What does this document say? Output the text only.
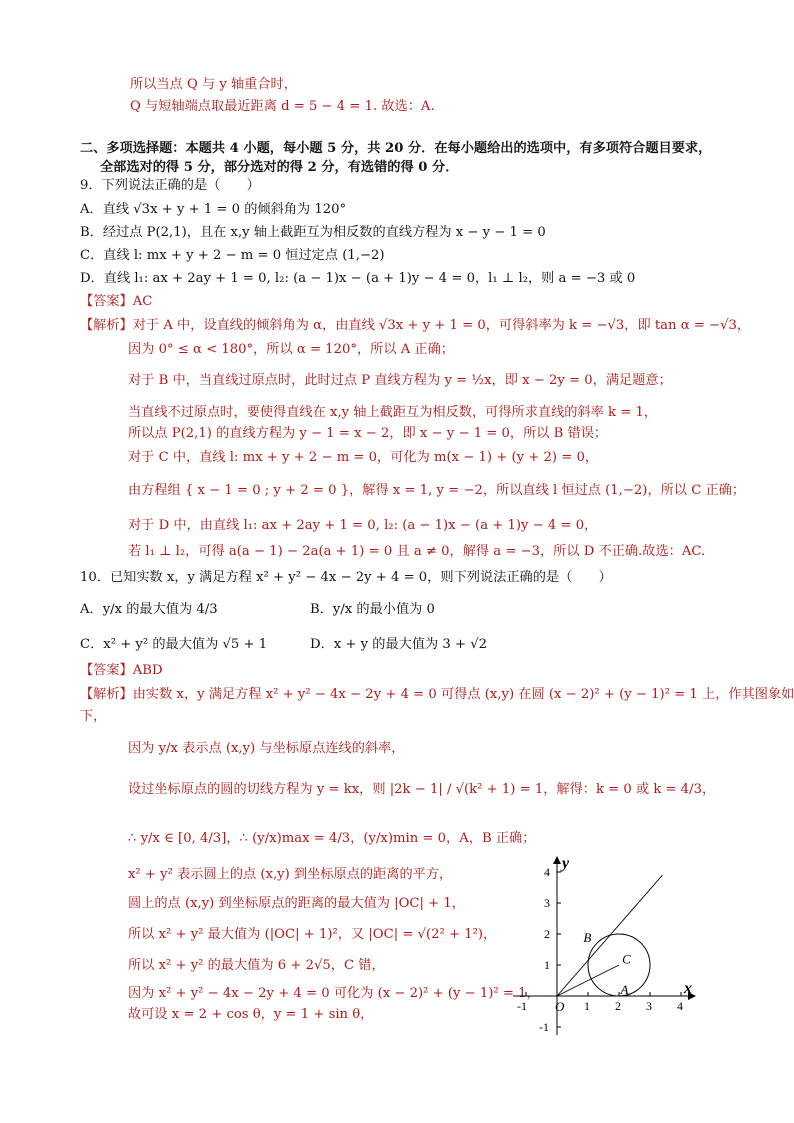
所以当点 Q 与 y 轴重合时，
Q 与短轴端点取最近距离 d = 5 − 4 = 1. 故选：A.
二、多项选择题：本题共 4 小题，每小题 5 分，共 20 分．在每小题给出的选项中，有多项符合题目要求，
全部选对的得 5 分，部分选对的得 2 分，有选错的得 0 分．
9．下列说法正确的是（　　）
A．直线 √3x + y + 1 = 0 的倾斜角为 120°
B．经过点 P(2,1)，且在 x,y 轴上截距互为相反数的直线方程为 x − y − 1 = 0
C．直线 l: mx + y + 2 − m = 0 恒过定点 (1,−2)
D．直线 l₁: ax + 2ay + 1 = 0, l₂: (a − 1)x − (a + 1)y − 4 = 0，l₁ ⊥ l₂，则 a = −3 或 0
【答案】AC
【解析】对于 A 中，设直线的倾斜角为 α，由直线 √3x + y + 1 = 0，可得斜率为 k = −√3，即 tan α = −√3，
因为 0° ≤ α < 180°，所以 α = 120°，所以 A 正确；
对于 B 中，当直线过原点时，此时过点 P 直线方程为 y = ½x，即 x − 2y = 0，满足题意；
当直线不过原点时，要使得直线在 x,y 轴上截距互为相反数，可得所求直线的斜率 k = 1，
所以点 P(2,1) 的直线方程为 y − 1 = x − 2，即 x − y − 1 = 0，所以 B 错误；
对于 C 中，直线 l: mx + y + 2 − m = 0，可化为 m(x − 1) + (y + 2) = 0，
由方程组 { x − 1 = 0 ; y + 2 = 0 }，解得 x = 1, y = −2，所以直线 l 恒过点 (1,−2)，所以 C 正确；
对于 D 中，由直线 l₁: ax + 2ay + 1 = 0, l₂: (a − 1)x − (a + 1)y − 4 = 0，
若 l₁ ⊥ l₂，可得 a(a − 1) − 2a(a + 1) = 0 且 a ≠ 0，解得 a = −3，所以 D 不正确.故选：AC.
10．已知实数 x，y 满足方程 x² + y² − 4x − 2y + 4 = 0，则下列说法正确的是（　　）
A．y/x 的最大值为 4/3	B．y/x 的最小值为 0
C．x² + y² 的最大值为 √5 + 1	D．x + y 的最大值为 3 + √2
【答案】ABD
【解析】由实数 x，y 满足方程 x² + y² − 4x − 2y + 4 = 0 可得点 (x,y) 在圆 (x − 2)² + (y − 1)² = 1 上，作其图象如
下，
因为 y/x 表示点 (x,y) 与坐标原点连线的斜率，
设过坐标原点的圆的切线方程为 y = kx，则 |2k − 1| / √(k² + 1) = 1，解得：k = 0 或 k = 4/3，
∴ y/x ∈ [0, 4/3]，∴ (y/x)max = 4/3，(y/x)min = 0，A，B 正确；
x² + y² 表示圆上的点 (x,y) 到坐标原点的距离的平方，
圆上的点 (x,y) 到坐标原点的距离的最大值为 |OC| + 1，
所以 x² + y² 最大值为 (|OC| + 1)²，又 |OC| = √(2² + 1²)，
所以 x² + y² 的最大值为 6 + 2√5，C 错，
因为 x² + y² − 4x − 2y + 4 = 0 可化为 (x − 2)² + (y − 1)² = 1，
故可设 x = 2 + cos θ，y = 1 + sin θ，
-1	1 2 3 4
4
3
2
1
-1
x
y
O
A
B
C
